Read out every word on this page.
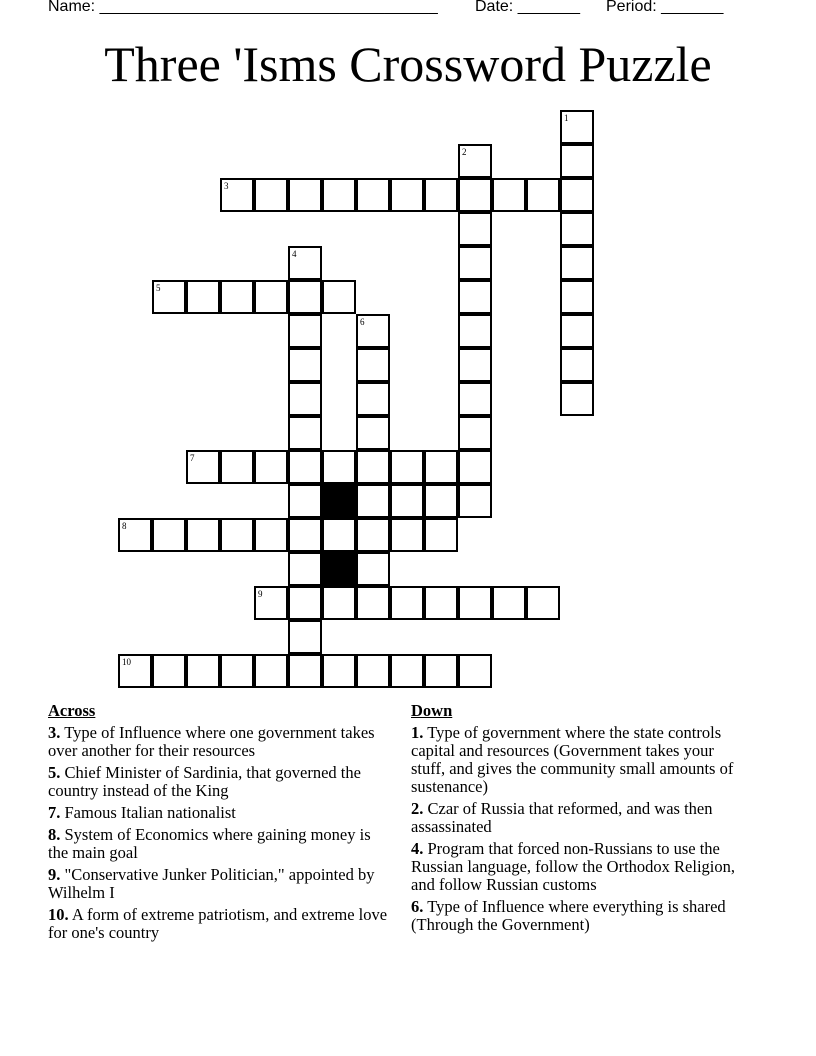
Name: ______________________________________ Date: _______ Period: _______
Three 'Isms Crossword Puzzle
1
2
3
4
5
6
7
8
9
10
Across
3. Type of Influence where one government takes over another for their resources
5. Chief Minister of Sardinia, that governed the country instead of the King
7. Famous Italian nationalist
8. System of Economics where gaining money is the main goal
9. "Conservative Junker Politician," appointed by Wilhelm I
10. A form of extreme patriotism, and extreme love for one's country
Down
1. Type of government where the state controls capital and resources (Government takes your stuff, and gives the community small amounts of sustenance)
2. Czar of Russia that reformed, and was then assassinated
4. Program that forced non-Russians to use the Russian language, follow the Orthodox Religion, and follow Russian customs
6. Type of Influence where everything is shared (Through the Government)
